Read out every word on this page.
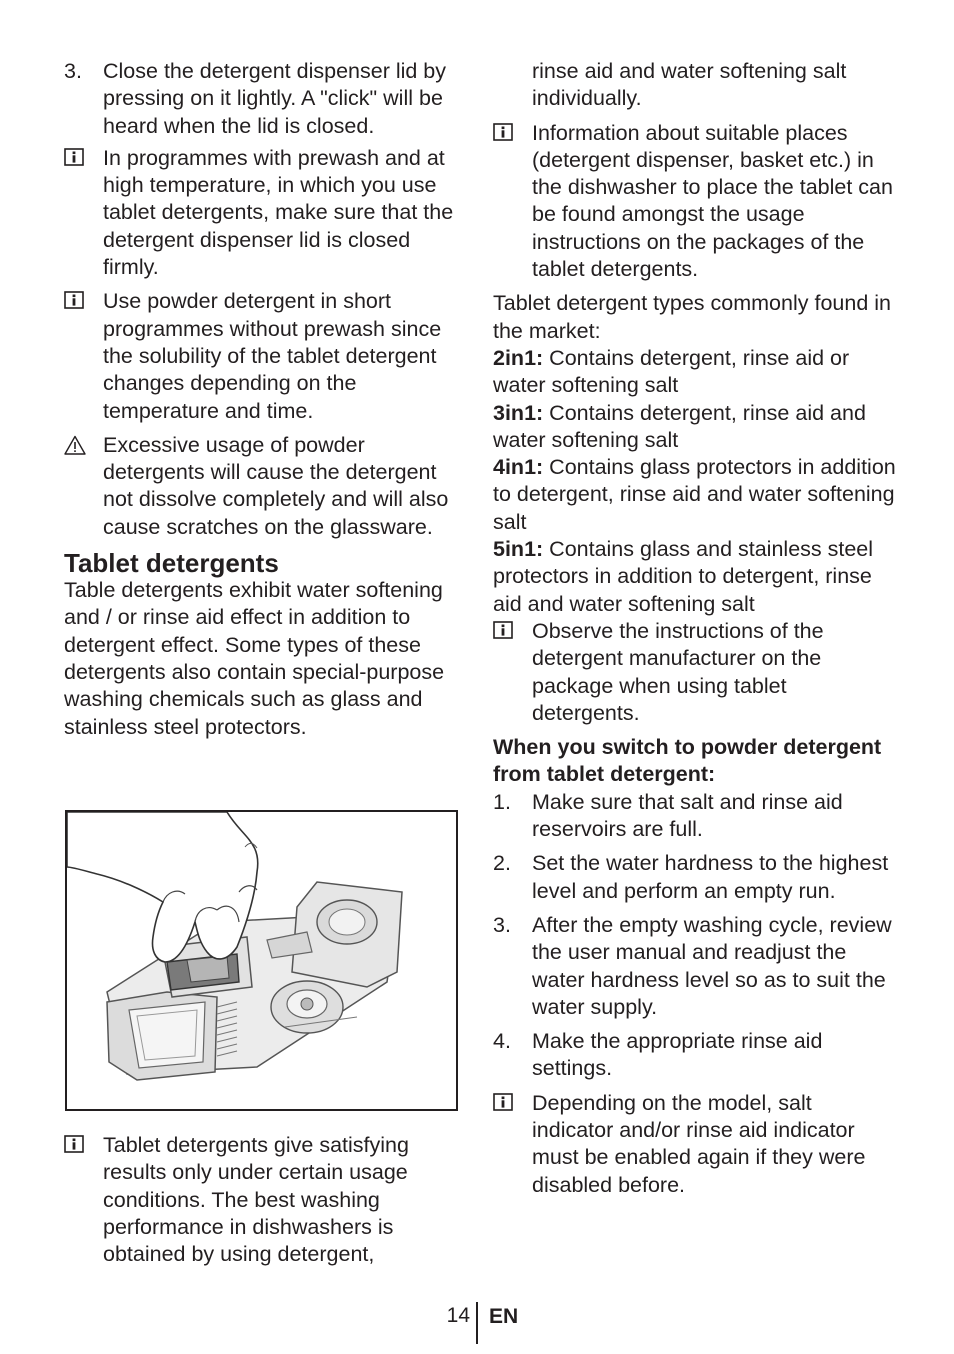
3. Close the detergent dispenser lid by pressing on it lightly. A "click" will be heard when the lid is closed.
In programmes with prewash and at high temperature, in which you use tablet detergents, make sure that the detergent dispenser lid is closed firmly.
Use powder detergent in short programmes without prewash since the solubility of the tablet detergent changes depending on the temperature and time.
Excessive usage of powder detergents will cause the detergent not dissolve completely and will also cause scratches on the glassware.
Tablet detergents
Table detergents exhibit water softening and / or rinse aid effect in addition to detergent effect. Some types of these detergents also contain special-purpose washing chemicals such as glass and stainless steel protectors.
Tablet detergents give satisfying results only under certain usage conditions. The best washing performance in dishwashers is obtained by using detergent,
rinse aid and water softening salt individually.
Information about suitable places (detergent dispenser, basket etc.) in the dishwasher to place the tablet can be found amongst the usage instructions on the packages of the tablet detergents.
Tablet detergent types commonly found in the market:
2in1: Contains detergent, rinse aid or water softening salt
3in1: Contains detergent, rinse aid and water softening salt
4in1: Contains glass protectors in addition to detergent, rinse aid and water softening salt
5in1: Contains glass and stainless steel protectors in addition to detergent, rinse aid and water softening salt
Observe the instructions of the detergent manufacturer on the package when using tablet detergents.
When you switch to powder detergent from tablet detergent:
1. Make sure that salt and rinse aid reservoirs are full.
2. Set the water hardness to the highest level and perform an empty run.
3. After the empty washing cycle, review the user manual and readjust the water hardness level so as to suit the water supply.
4. Make the appropriate rinse aid settings.
Depending on the model, salt indicator and/or rinse aid indicator must be enabled again if they were disabled before.
14 EN
